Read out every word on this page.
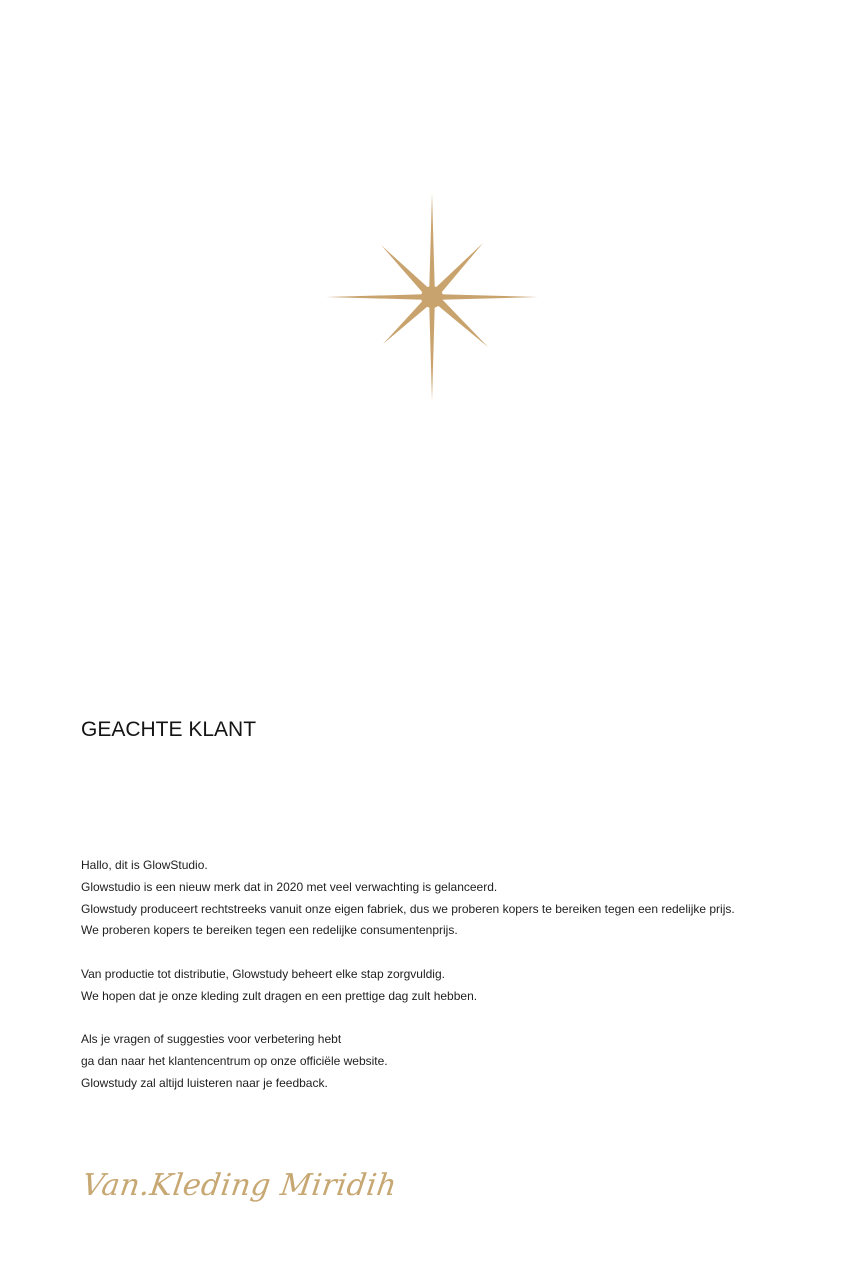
GEACHTE KLANT

Hallo, dit is GlowStudio.
Glowstudio is een nieuw merk dat in 2020 met veel verwachting is gelanceerd.
Glowstudy produceert rechtstreeks vanuit onze eigen fabriek, dus we proberen kopers te bereiken tegen een redelijke prijs.
We proberen kopers te bereiken tegen een redelijke consumentenprijs.

Van productie tot distributie, Glowstudy beheert elke stap zorgvuldig.
We hopen dat je onze kleding zult dragen en een prettige dag zult hebben.

Als je vragen of suggesties voor verbetering hebt
ga dan naar het klantencentrum op onze officiële website.
Glowstudy zal altijd luisteren naar je feedback.

Van.Kleding Miridih
